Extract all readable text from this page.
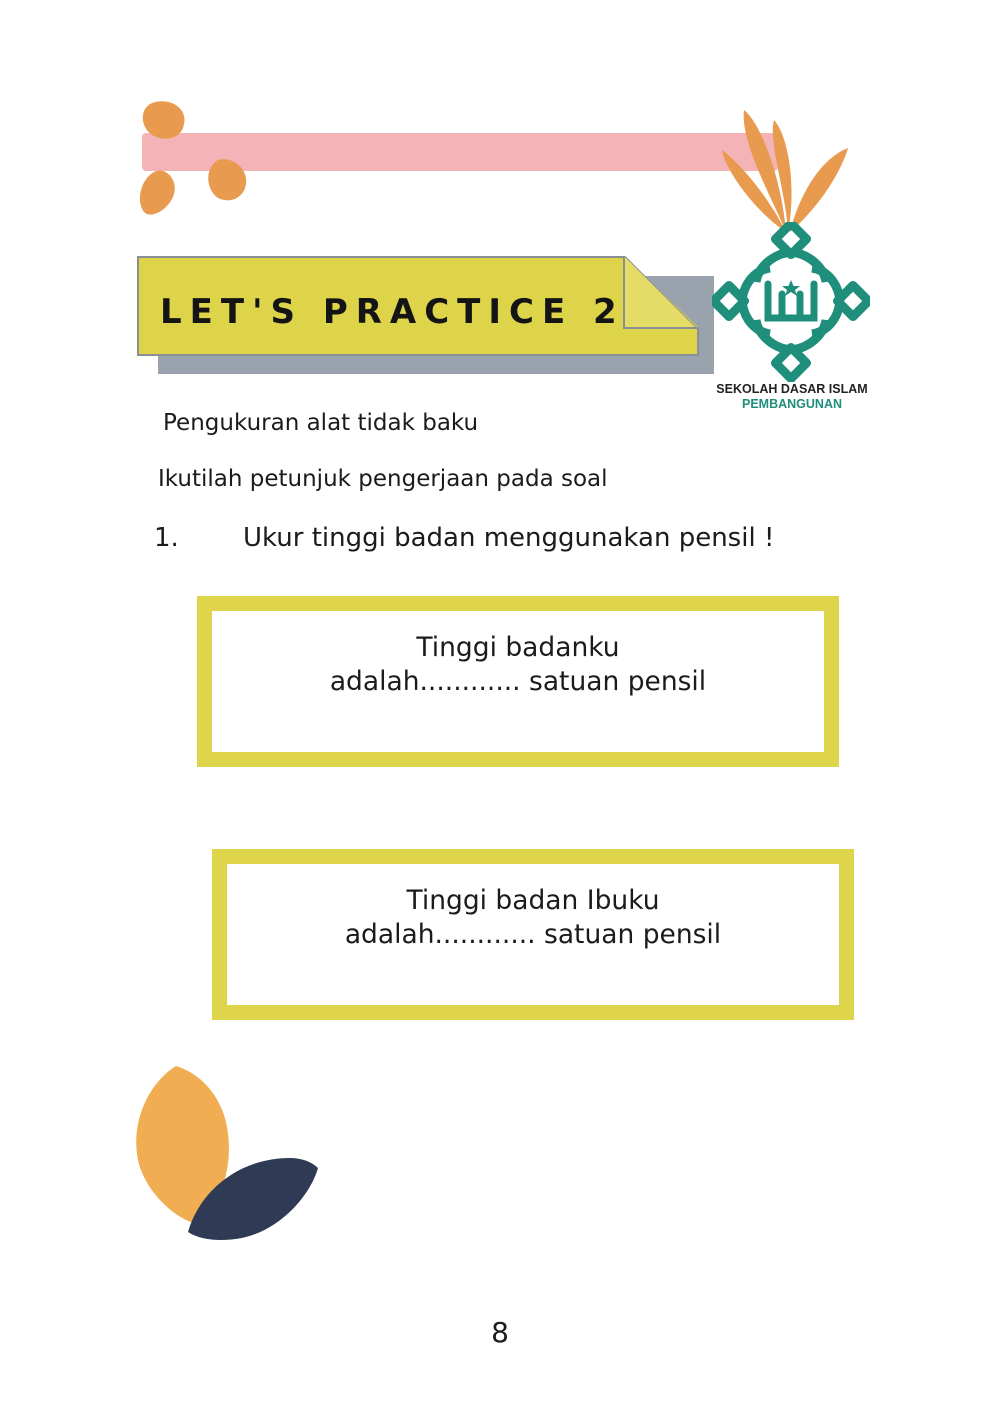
LET'S PRACTICE 2
SEKOLAH DASAR ISLAM
PEMBANGUNAN
Pengukuran alat tidak baku
Ikutilah petunjuk pengerjaan pada soal
1. Ukur tinggi badan menggunakan pensil !
Tinggi badanku
adalah............ satuan pensil
Tinggi badan Ibuku
adalah............ satuan pensil
8
